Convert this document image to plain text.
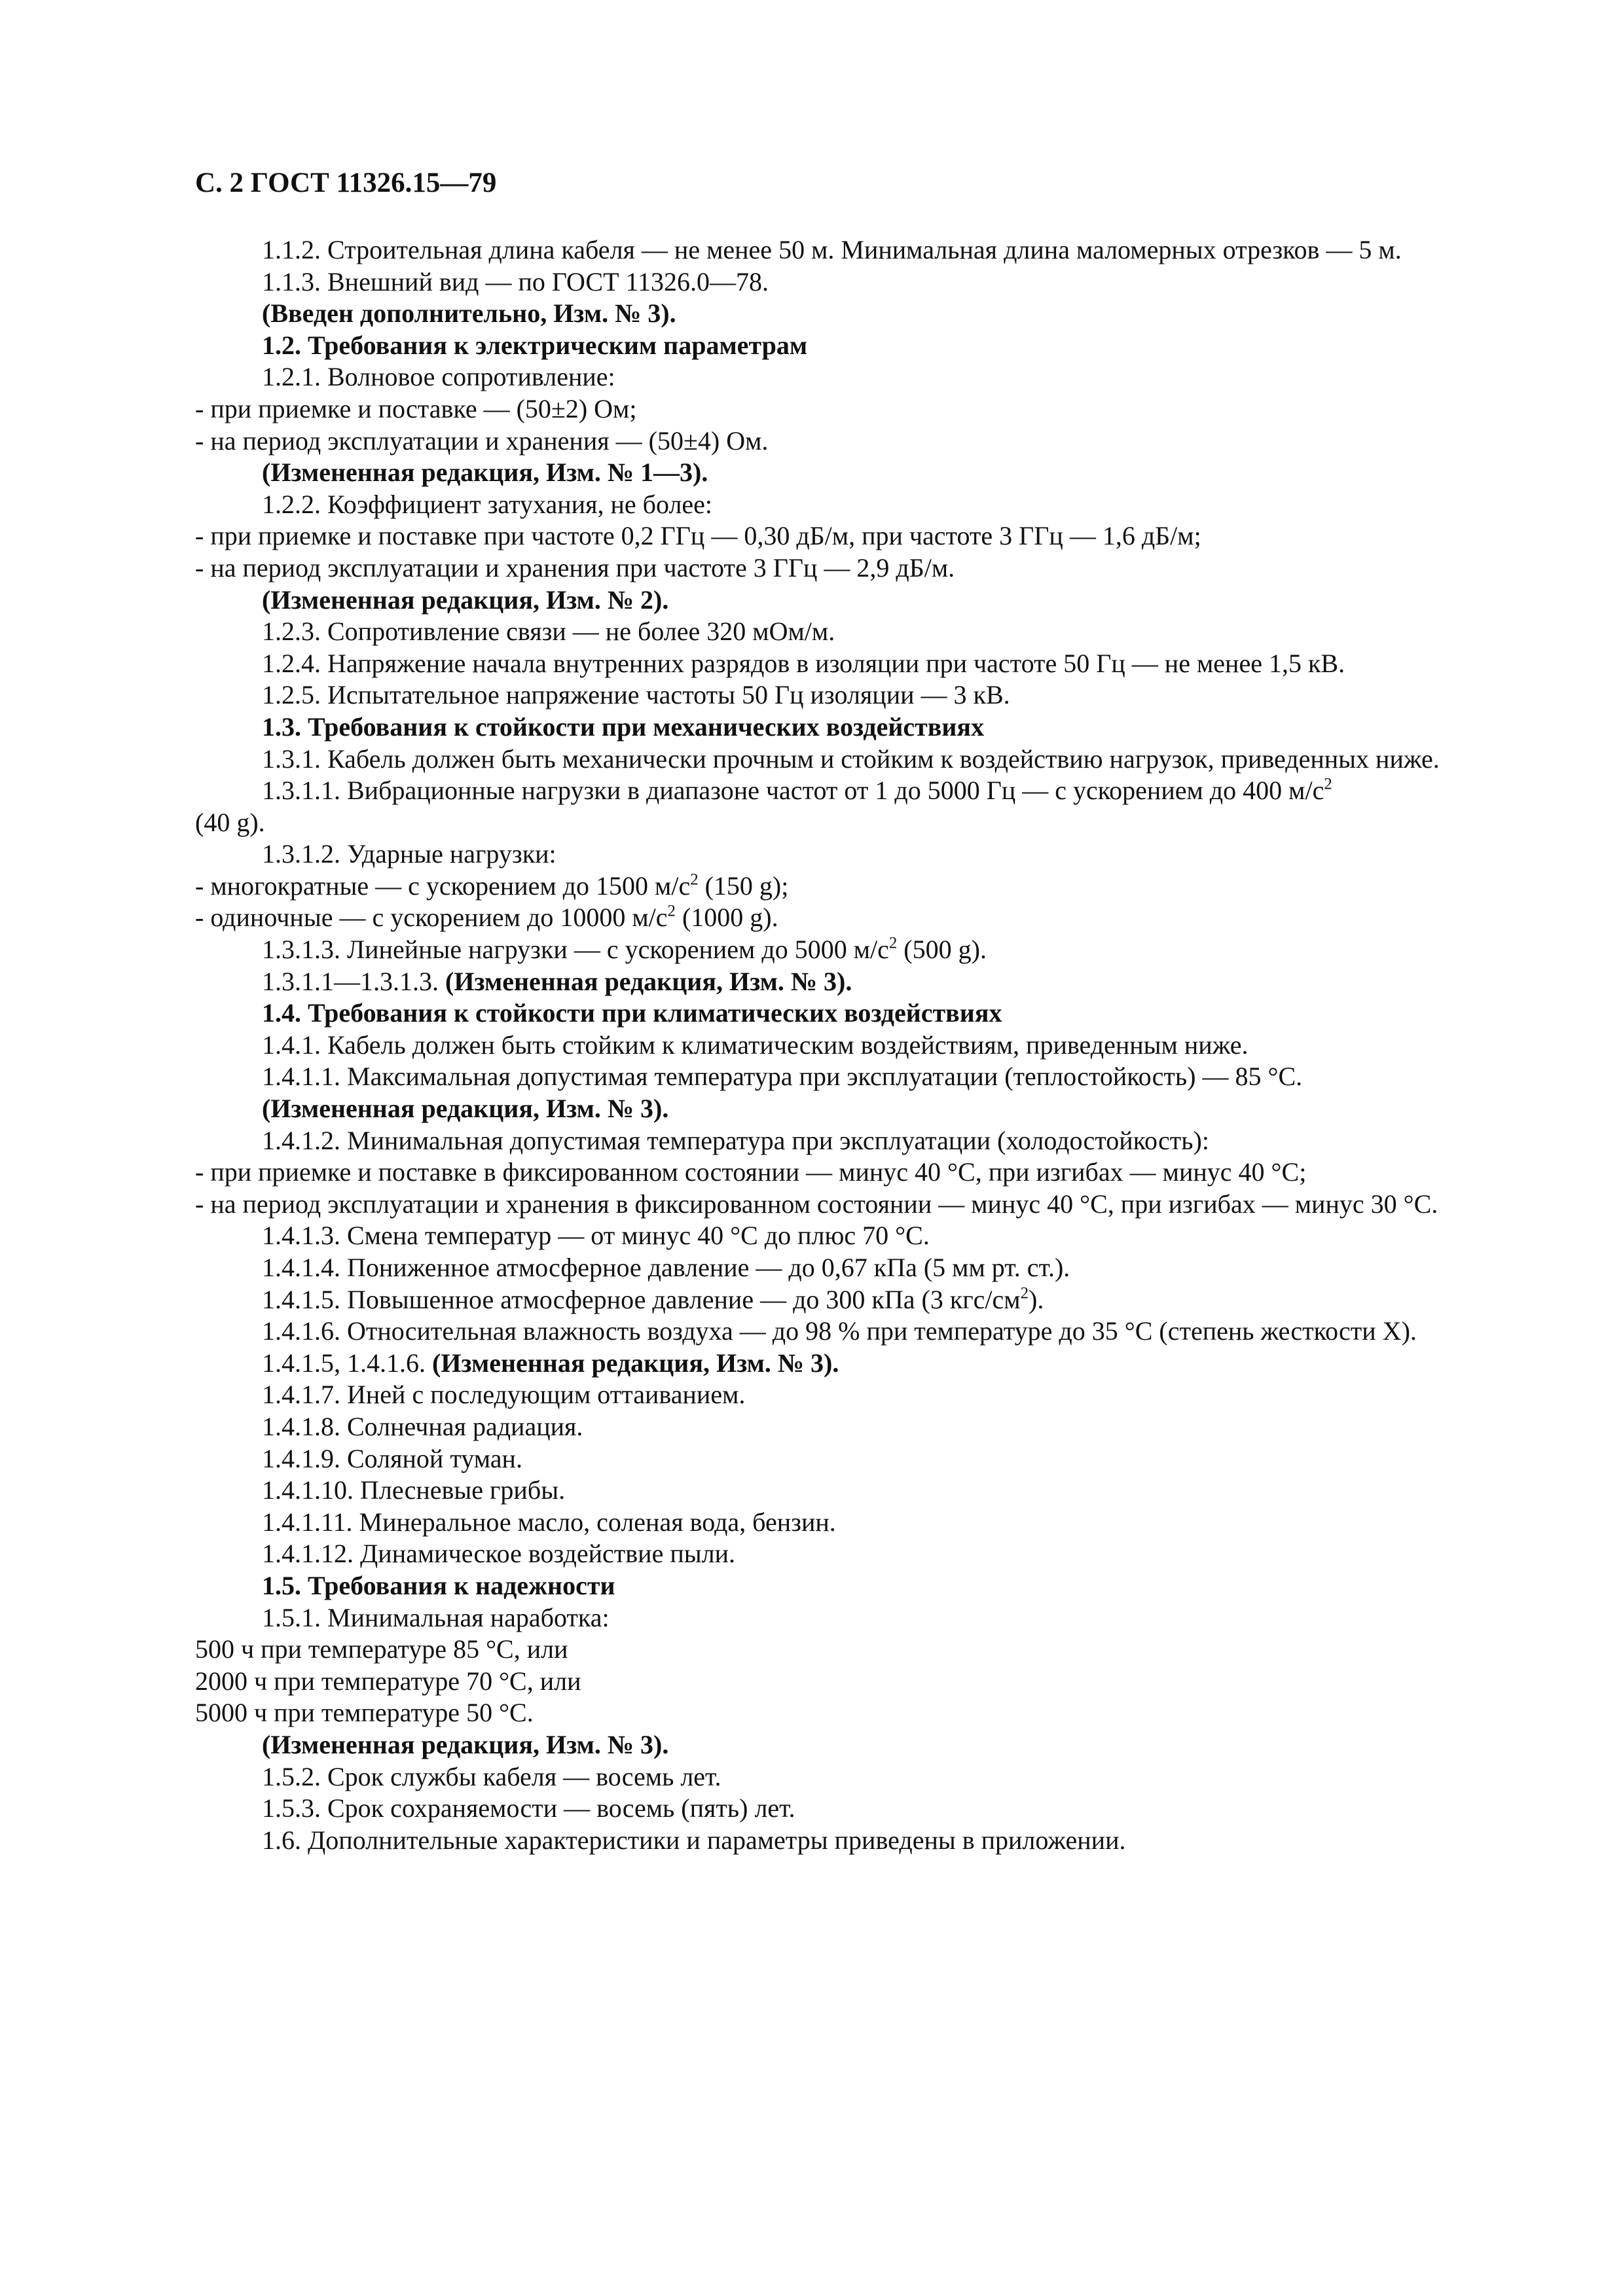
С. 2 ГОСТ 11326.15—79

1.1.2. Строительная длина кабеля — не менее 50 м. Минимальная длина маломерных отрезков — 5 м.

1.1.3. Внешний вид — по ГОСТ 11326.0—78.

(Введен дополнительно, Изм. № 3).

1.2. Требования к электрическим параметрам

1.2.1. Волновое сопротивление:

- при приемке и поставке — (50±2) Ом;

- на период эксплуатации и хранения — (50±4) Ом.

(Измененная редакция, Изм. № 1—3).

1.2.2. Коэффициент затухания, не более:

- при приемке и поставке при частоте 0,2 ГГц — 0,30 дБ/м, при частоте 3 ГГц — 1,6 дБ/м;

- на период эксплуатации и хранения при частоте 3 ГГц — 2,9 дБ/м.

(Измененная редакция, Изм. № 2).

1.2.3. Сопротивление связи — не более 320 мОм/м.

1.2.4. Напряжение начала внутренних разрядов в изоляции при частоте 50 Гц — не менее 1,5 кВ.

1.2.5. Испытательное напряжение частоты 50 Гц изоляции — 3 кВ.

1.3. Требования к стойкости при механических воздействиях

1.3.1. Кабель должен быть механически прочным и стойким к воздействию нагрузок, приведенных ниже.

1.3.1.1. Вибрационные нагрузки в диапазоне частот от 1 до 5000 Гц — с ускорением до 400 $м/с^2$
(40 g).

1.3.1.2. Ударные нагрузки:

- многократные — с ускорением до 1500 $м/с^2$ (150 g);

- одиночные — с ускорением до 10000 $м/с^2$ (1000 g).

1.3.1.3. Линейные нагрузки — с ускорением до 5000 $м/с^2$ (500 g).

1.3.1.1—1.3.1.3. (Измененная редакция, Изм. № 3).

1.4. Требования к стойкости при климатических воздействиях

1.4.1. Кабель должен быть стойким к климатическим воздействиям, приведенным ниже.

1.4.1.1. Максимальная допустимая температура при эксплуатации (теплостойкость) — 85 °С.

(Измененная редакция, Изм. № 3).

1.4.1.2. Минимальная допустимая температура при эксплуатации (холодостойкость):

- при приемке и поставке в фиксированном состоянии — минус 40 °С, при изгибах — минус 40 °С;

- на период эксплуатации и хранения в фиксированном состоянии — минус 40 °С, при изгибах — минус 30 °С.

1.4.1.3. Смена температур — от минус 40 °С до плюс 70 °С.

1.4.1.4. Пониженное атмосферное давление — до 0,67 кПа (5 мм рт. ст.).

1.4.1.5. Повышенное атмосферное давление — до 300 кПа (3 кгс/$см^2$).

1.4.1.6. Относительная влажность воздуха — до 98 % при температуре до 35 °С (степень жесткости X).

1.4.1.5, 1.4.1.6. (Измененная редакция, Изм. № 3).

1.4.1.7. Иней с последующим оттаиванием.

1.4.1.8. Солнечная радиация.

1.4.1.9. Соляной туман.

1.4.1.10. Плесневые грибы.

1.4.1.11. Минеральное масло, соленая вода, бензин.

1.4.1.12. Динамическое воздействие пыли.

1.5. Требования к надежности

1.5.1. Минимальная наработка:

500 ч при температуре 85 °С, или

2000 ч при температуре 70 °С, или

5000 ч при температуре 50 °С.

(Измененная редакция, Изм. № 3).

1.5.2. Срок службы кабеля — восемь лет.

1.5.3. Срок сохраняемости — восемь (пять) лет.

1.6. Дополнительные характеристики и параметры приведены в приложении.
